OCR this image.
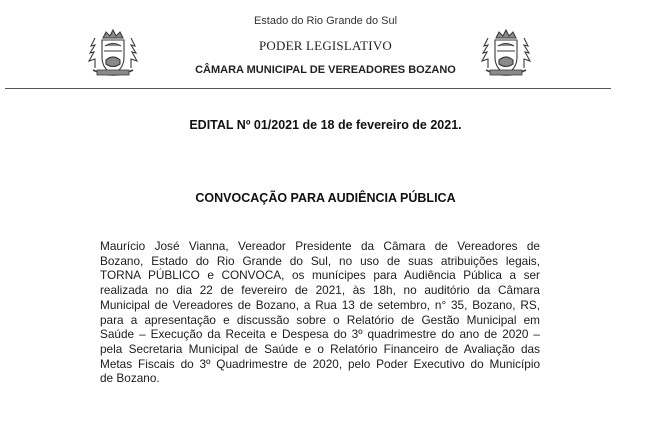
Estado do Rio Grande do Sul
PODER LEGISLATIVO
CÂMARA MUNICIPAL DE VEREADORES BOZANO
EDITAL Nº 01/2021 de 18 de fevereiro de 2021.
CONVOCAÇÃO PARA AUDIÊNCIA PÚBLICA
Maurício José Vianna, Vereador Presidente da Câmara de Vereadores de
Bozano, Estado do Rio Grande do Sul, no uso de suas atribuições legais,
TORNA PÚBLICO e CONVOCA, os munícipes para Audiência Pública a ser
realizada no dia 22 de fevereiro de 2021, às 18h, no auditório da Câmara
Municipal de Vereadores de Bozano, a Rua 13 de setembro, n° 35, Bozano, RS,
para a apresentação e discussão sobre o Relatório de Gestão Municipal em
Saúde – Execução da Receita e Despesa do 3º quadrimestre do ano de 2020 –
pela Secretaria Municipal de Saúde e o Relatório Financeiro de Avaliação das
Metas Fiscais do 3º Quadrimestre de 2020, pelo Poder Executivo do Município
de Bozano.
